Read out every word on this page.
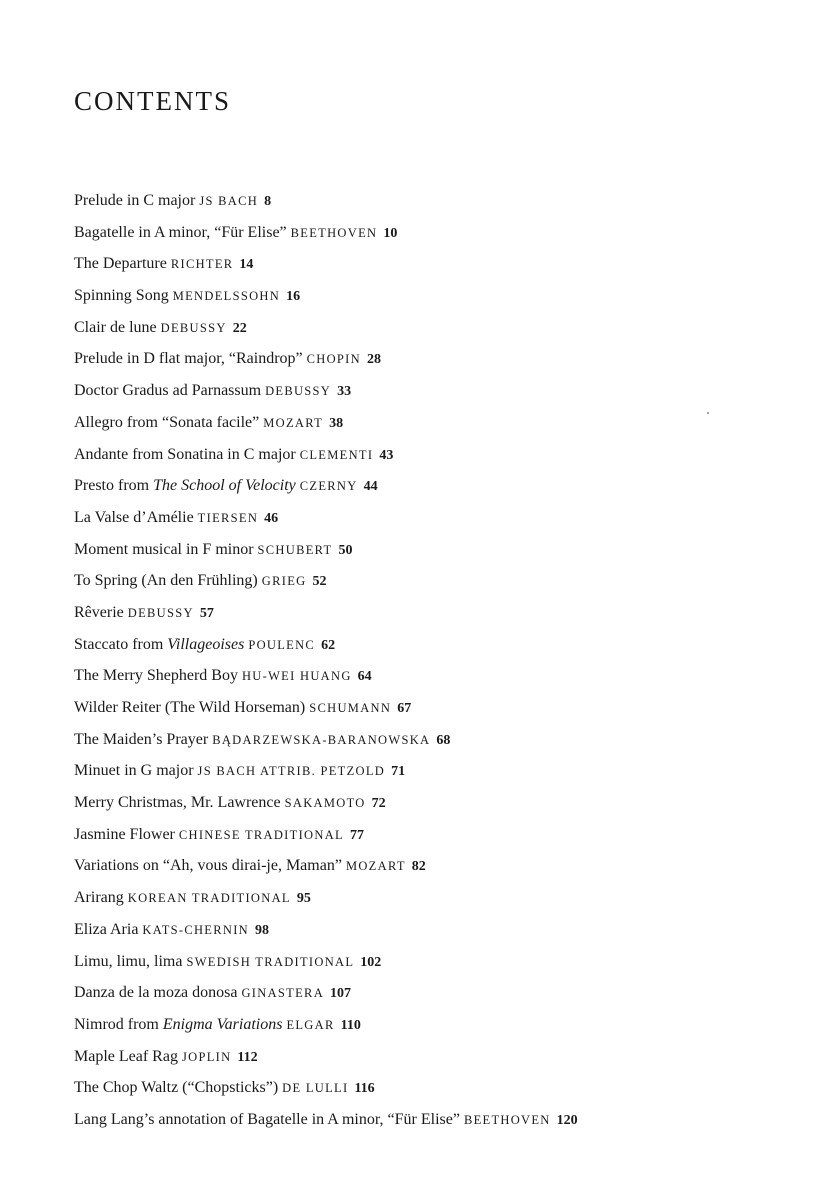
CONTENTS
Prelude in C major JS BACH 8
Bagatelle in A minor, “Für Elise” BEETHOVEN 10
The Departure RICHTER 14
Spinning Song MENDELSSOHN 16
Clair de lune DEBUSSY 22
Prelude in D flat major, “Raindrop” CHOPIN 28
Doctor Gradus ad Parnassum DEBUSSY 33
Allegro from “Sonata facile” MOZART 38
Andante from Sonatina in C major CLEMENTI 43
Presto from The School of Velocity CZERNY 44
La Valse d’Amélie TIERSEN 46
Moment musical in F minor SCHUBERT 50
To Spring (An den Frühling) GRIEG 52
Rêverie DEBUSSY 57
Staccato from Villageoises POULENC 62
The Merry Shepherd Boy HU-WEI HUANG 64
Wilder Reiter (The Wild Horseman) SCHUMANN 67
The Maiden’s Prayer BĄDARZEWSKA-BARANOWSKA 68
Minuet in G major JS BACH ATTRIB. PETZOLD 71
Merry Christmas, Mr. Lawrence SAKAMOTO 72
Jasmine Flower CHINESE TRADITIONAL 77
Variations on “Ah, vous dirai-je, Maman” MOZART 82
Arirang KOREAN TRADITIONAL 95
Eliza Aria KATS-CHERNIN 98
Limu, limu, lima SWEDISH TRADITIONAL 102
Danza de la moza donosa GINASTERA 107
Nimrod from Enigma Variations ELGAR 110
Maple Leaf Rag JOPLIN 112
The Chop Waltz (“Chopsticks”) DE LULLI 116
Lang Lang’s annotation of Bagatelle in A minor, “Für Elise” BEETHOVEN 120
